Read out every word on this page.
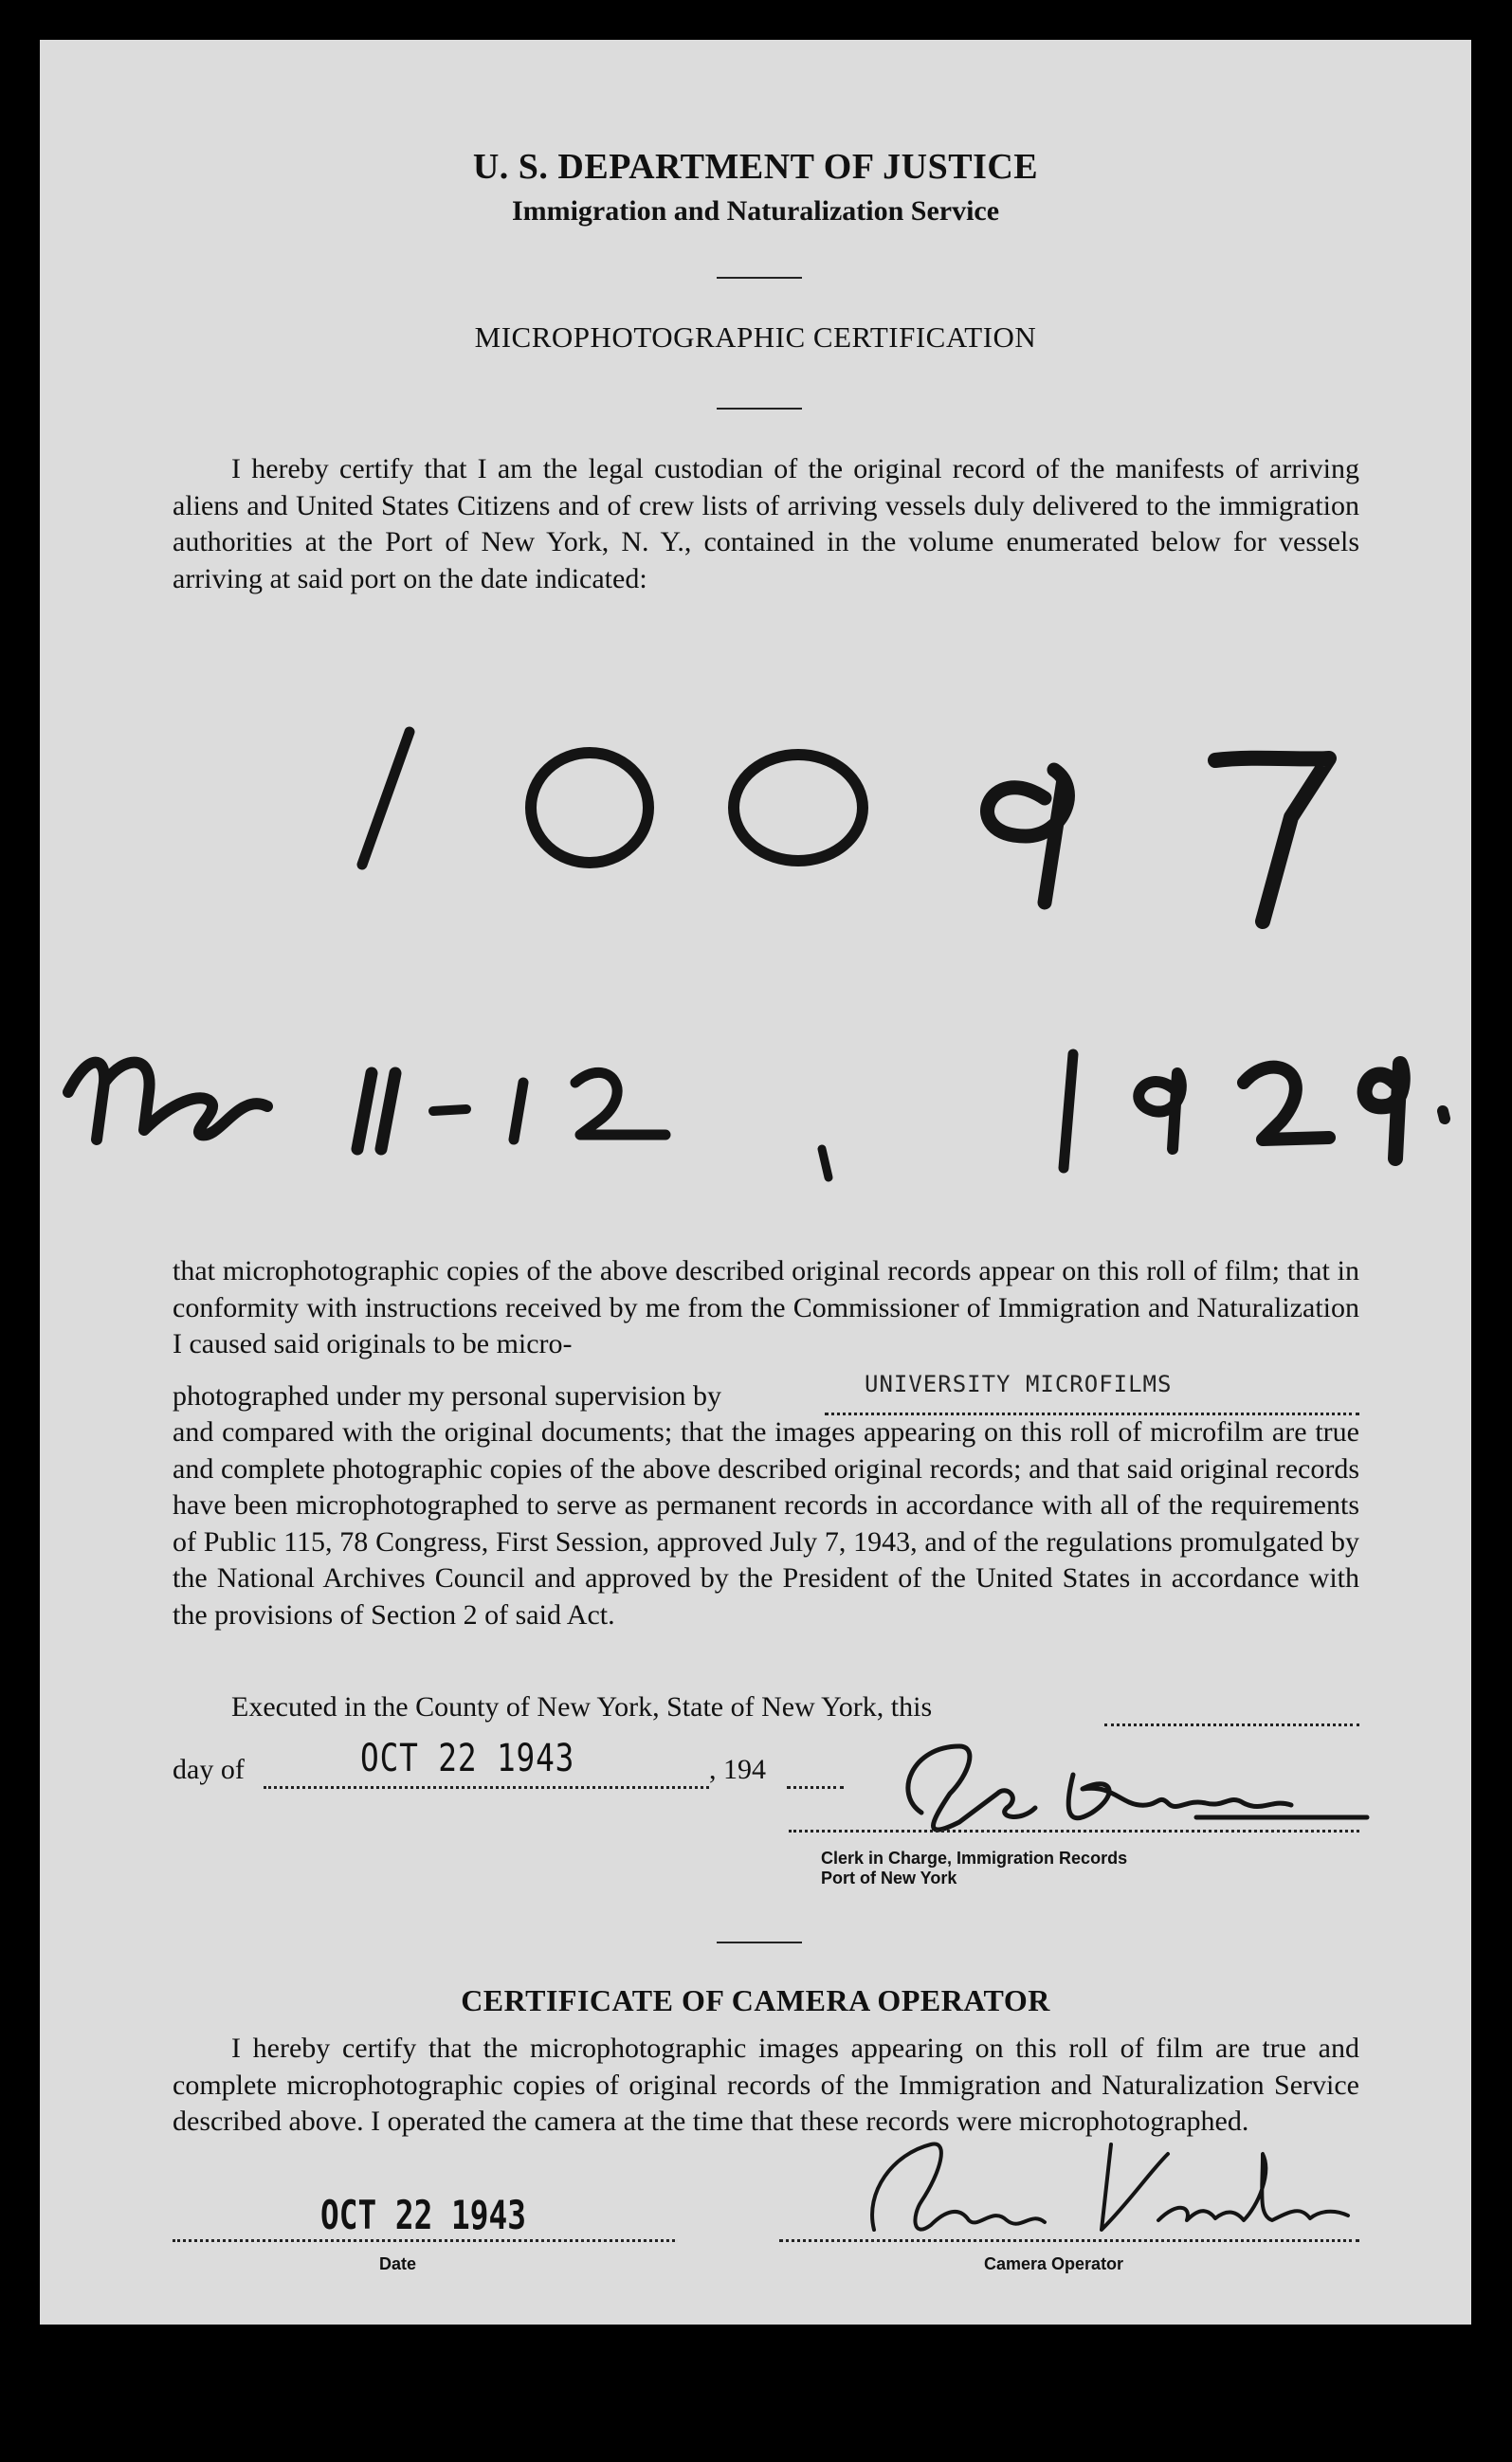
U. S. DEPARTMENT OF JUSTICE
Immigration and Naturalization Service
MICROPHOTOGRAPHIC CERTIFICATION

I hereby certify that I am the legal custodian of the original record of the manifests of arriving aliens and United States Citizens and of crew lists of arriving vessels duly delivered to the immigration authorities at the Port of New York, N. Y., contained in the volume enumerated below for vessels arriving at said port on the date indicated:

that microphotographic copies of the above described original records appear on this roll of film; that in conformity with instructions received by me from the Commissioner of Immigration and Naturalization I caused said originals to be micro-

photographed under my personal supervision by	UNIVERSITY MICROFILMS

and compared with the original documents; that the images appearing on this roll of microfilm are true and complete photographic copies of the above described original records; and that said original records have been microphotographed to serve as permanent records in accordance with all of the requirements of Public 115, 78 Congress, First Session, approved July 7, 1943, and of the regulations promulgated by the National Archives Council and approved by the President of the United States in accordance with the provisions of Section 2 of said Act.

Executed in the County of New York, State of New York, this
day of	OCT 22 1943	, 194
Clerk in Charge, Immigration Records
Port of New York
CERTIFICATE OF CAMERA OPERATOR

I hereby certify that the microphotographic images appearing on this roll of film are true and complete microphotographic copies of original records of the Immigration and Naturalization Service described above. I operated the camera at the time that these records were microphotographed.

OCT 22 1943
Date	Camera Operator
